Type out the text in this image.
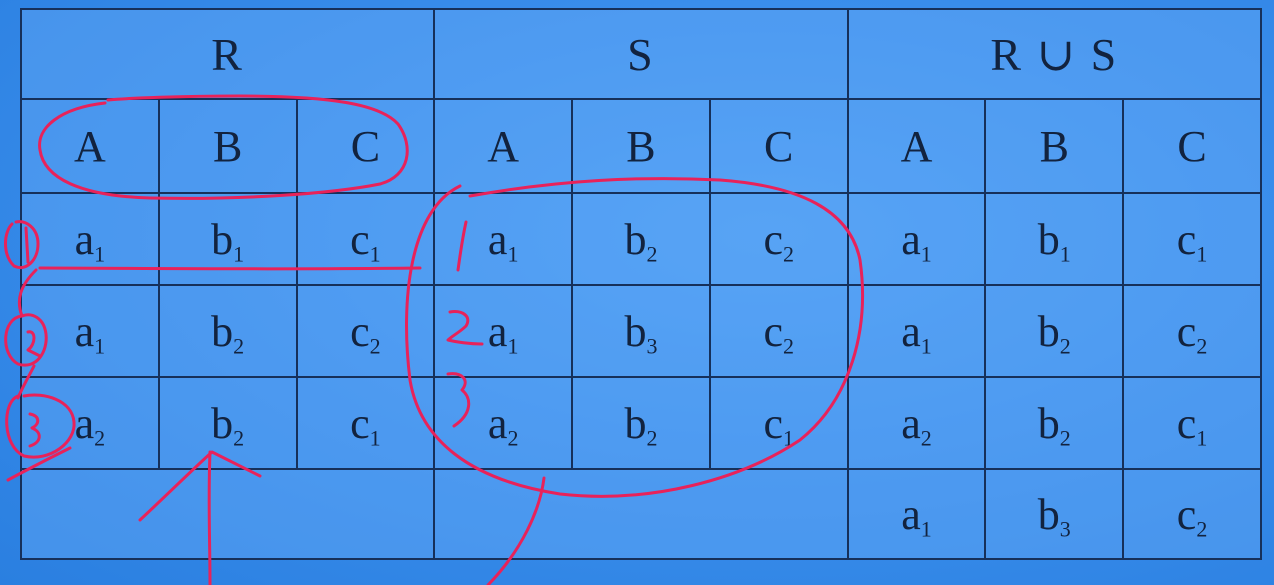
R			S			R ∪ S		
A	B	C	A	B	C	A	B	C
$a_1$	$b_1$	$c_1$	$a_1$	$b_2$	$c_2$	$a_1$	$b_1$	$c_1$
$a_1$	$b_2$	$c_2$	$a_1$	$b_3$	$c_2$	$a_1$	$b_2$	$c_2$
$a_2$	$b_2$	$c_1$	$a_2$	$b_2$	$c_1$	$a_2$	$b_2$	$c_1$
						$a_1$	$b_3$	$c_2$
